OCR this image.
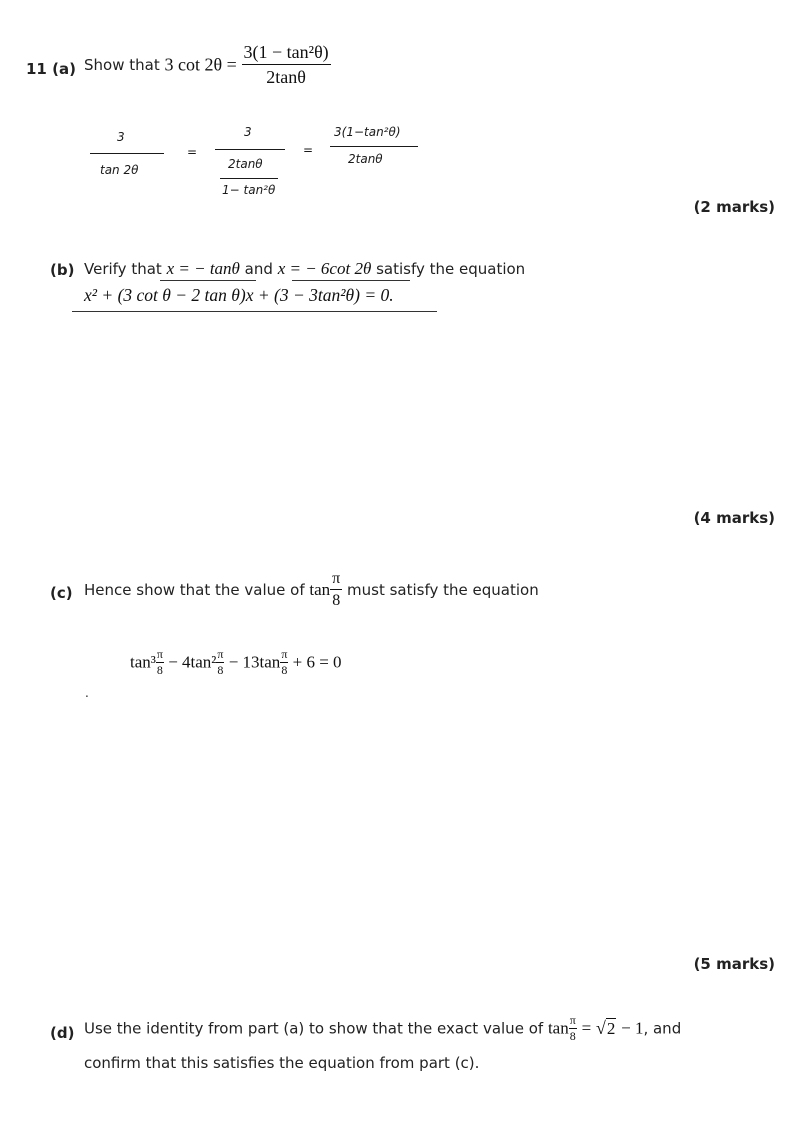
11 (a) Show that 3 $\cot 2\theta = \frac{\text{3(1 − tan²θ)}}{2\tan\theta}$
3
tan 2θ
=
3
2tanθ
1− tan²θ
=
3(1−tan²θ)
2tanθ
(2 marks)
(b) Verify that x = − tanθ and x = − 6cot 2θ satisfy the equation
x² + (3 cot θ − 2 tan θ)x + (3 − 3tan²θ) = 0.
(4 marks)
(c) Hence show that the value of $\tan \frac{\pi}{8}$ must satisfy the equation
$\tan^3 \frac{\pi}{8} - 4\tan^2 \frac{\pi}{8} - 13\tan \frac{\pi}{8} + 6 = 0$
.
(5 marks)
(d) Use the identity from part (a) to show that the exact value of $\tan \frac{\pi}{8} = √2 - 1$, and
confirm that this satisfies the equation from part (c).
